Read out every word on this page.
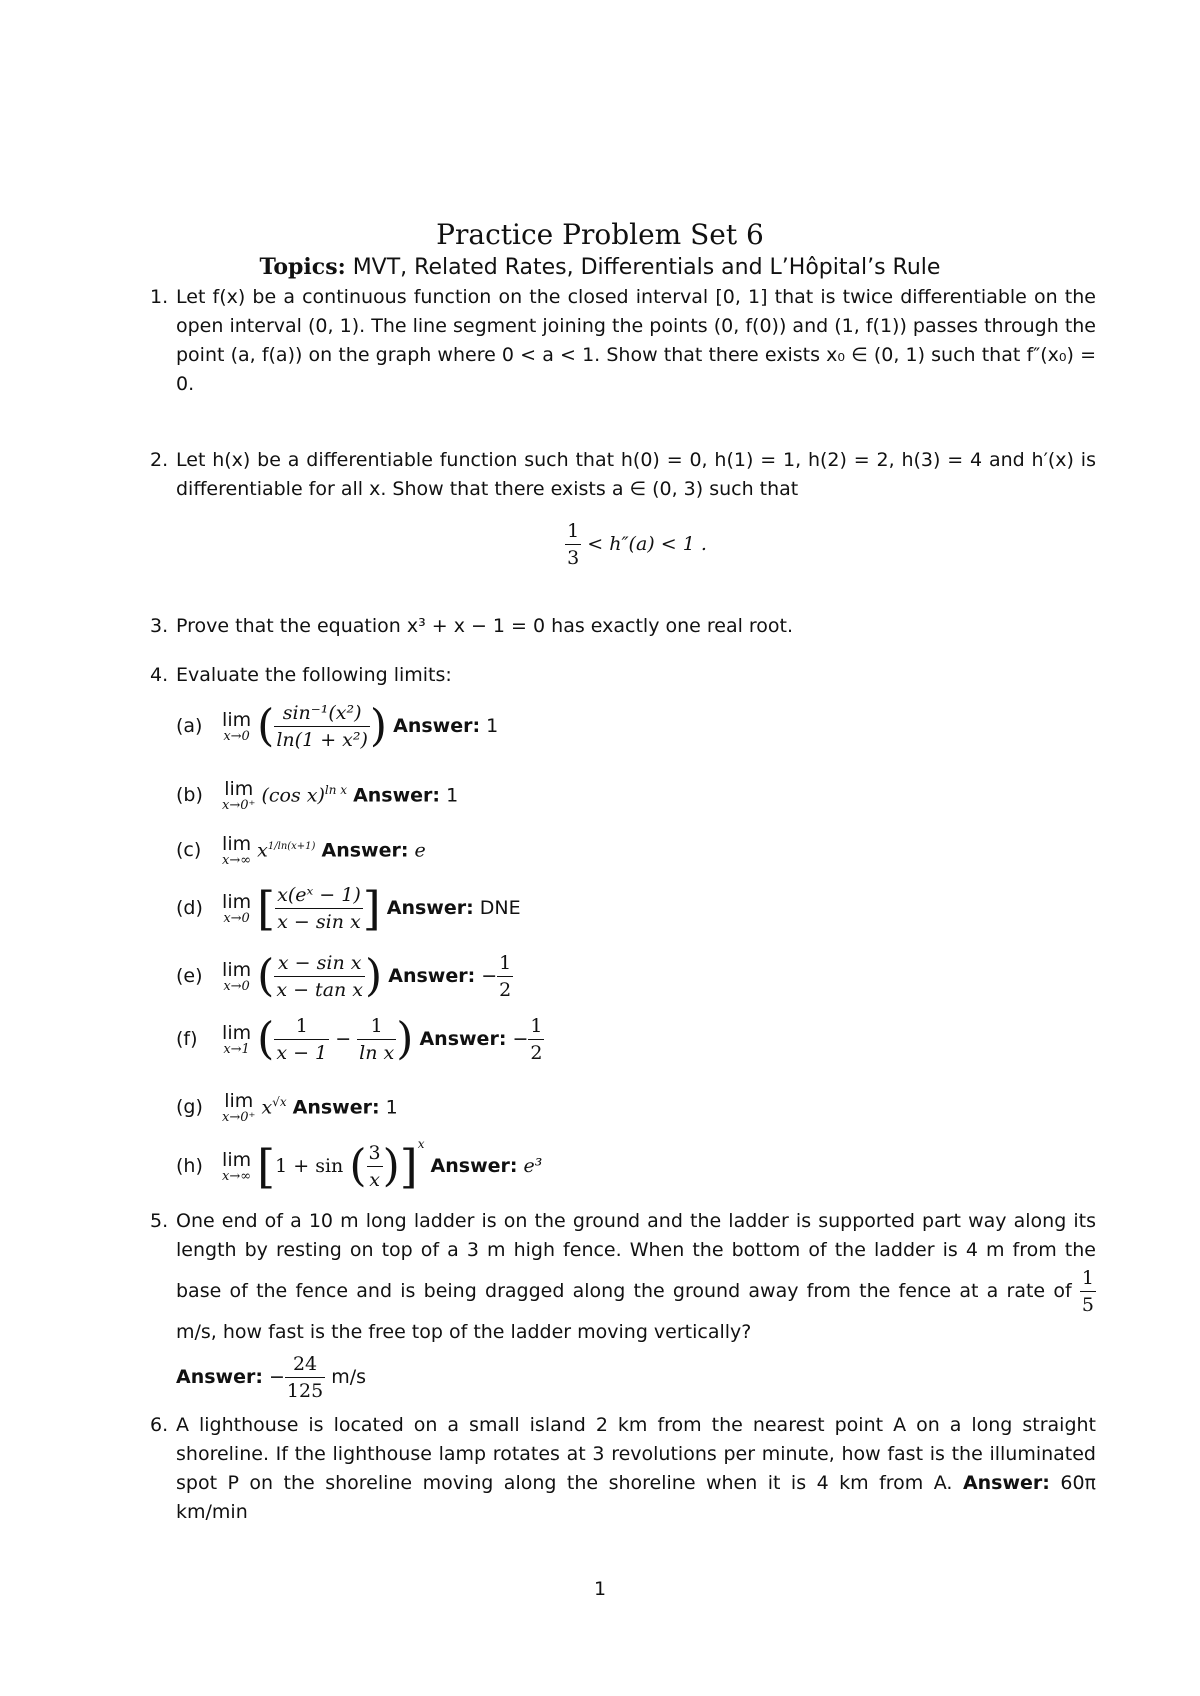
Practice Problem Set 6
Topics: MVT, Related Rates, Differentials and L’Hôpital’s Rule
1. Let f(x) be a continuous function on the closed interval [0, 1] that is twice differentiable on the open interval (0, 1). The line segment joining the points (0, f(0)) and (1, f(1)) passes through the point (a, f(a)) on the graph where 0 < a < 1. Show that there exists x₀ ∈ (0, 1) such that f″(x₀) = 0.

2. Let h(x) be a differentiable function such that h(0) = 0, h(1) = 1, h(2) = 2, h(3) = 4 and h′(x) is differentiable for all x. Show that there exists a ∈ (0, 3) such that

$\frac{1}{3} < h''(a) < 1$ .
3. Prove that the equation x³ + x − 1 = 0 has exactly one real root.

4. Evaluate the following limits:

(a) lim
x→0 ( $\frac{\text{sin⁻¹(x²)}}{\text{ln(1 + x²)}}$ ) Answer: 1
(b) lim
x→0⁺ (cos x)$^{ln x}$ Answer: 1
(c) lim
x→∞ $x^{1/ln(x+1)}$ Answer: e
(d) lim
x→0 [ $\frac{\text{x(eˣ − 1)}}{\text{x − sin x}}$ ] Answer: DNE
(e) lim
x→0 ( $\frac{\text{x − sin x}}{\text{x − tan x}}$ ) Answer: − $\frac{1}{2}$
(f) lim
x→1 ( $\frac{1}{x - 1} - \frac{1}{\text{ln x}}$ ) Answer: − $\frac{1}{2}$
(g) lim
x→0⁺ $x^{√x}$ Answer: 1
(h) lim
x→∞ [1 + sin ( $\frac{3}{x} )]^x$ Answer: e³
5. One end of a 10 m long ladder is on the ground and the ladder is supported part way along its length by resting on top of a 3 m high fence. When the bottom of the ladder is 4 m from the base of the fence and is being dragged along the ground away from the fence at a rate of $\frac{1}{5}$
m/s, how fast is the free top of the ladder moving vertically?

Answer: − $\frac{24}{125} m/s$
6. A lighthouse is located on a small island 2 km from the nearest point A on a long straight shoreline. If the lighthouse lamp rotates at 3 revolutions per minute, how fast is the illuminated spot P on the shoreline moving along the shoreline when it is 4 km from A. Answer: 60π km/min

1
